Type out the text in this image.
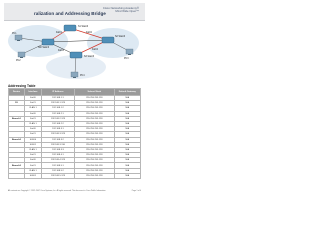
ralization and Addressing Bridge
Cisco Networking Academy®
Mind Wide Open™
S1 Switch
SW Switch
S2 Switch
S3 Switch
PC1
PC2
PC3
PC4
Fa0/1	Fa0/2
Fa0/3	Fa0/4
Addressing Table
Device	Interface	IP Address	Subnet Mask	Default Gateway
	Fa0/0	192.168.1.1	255.255.255.128	N/A
S1	Fa0/1	192.168.1.129	255.255.255.128	N/A
	VLAN 1	192.168.1.2	255.255.255.128	N/A
	Fa0/0	192.168.2.1	255.255.255.128	N/A
Branch1	Fa0/1	192.168.2.129	255.255.255.128	N/A
	VLAN 1	192.168.2.2	255.255.255.128	N/A
	Fa0/0	192.168.3.1	255.255.255.128	N/A
	Fa0/1	192.168.3.129	255.255.255.128	N/A
Branch2	S0/0/0	192.168.3.2	255.255.255.128	N/A
	S0/0/1	192.168.3.130	255.255.255.128	N/A
	VLAN 1	192.168.3.3	255.255.255.128	N/A
	Fa0/1	192.168.4.1	255.255.255.128	N/A
	Fa0/0	192.168.4.129	255.255.255.128	N/A
Branch3	Fa0/1	192.168.5.1	255.255.255.128	N/A
	VLAN 1	192.168.5.2	255.255.255.128	N/A
	S0/0/1	192.168.5.129	255.255.255.128	N/A
All contents are Copyright © 1992–2007 Cisco Systems, Inc. All rights reserved. This document is Cisco Public Information.	Page 1 of 4
